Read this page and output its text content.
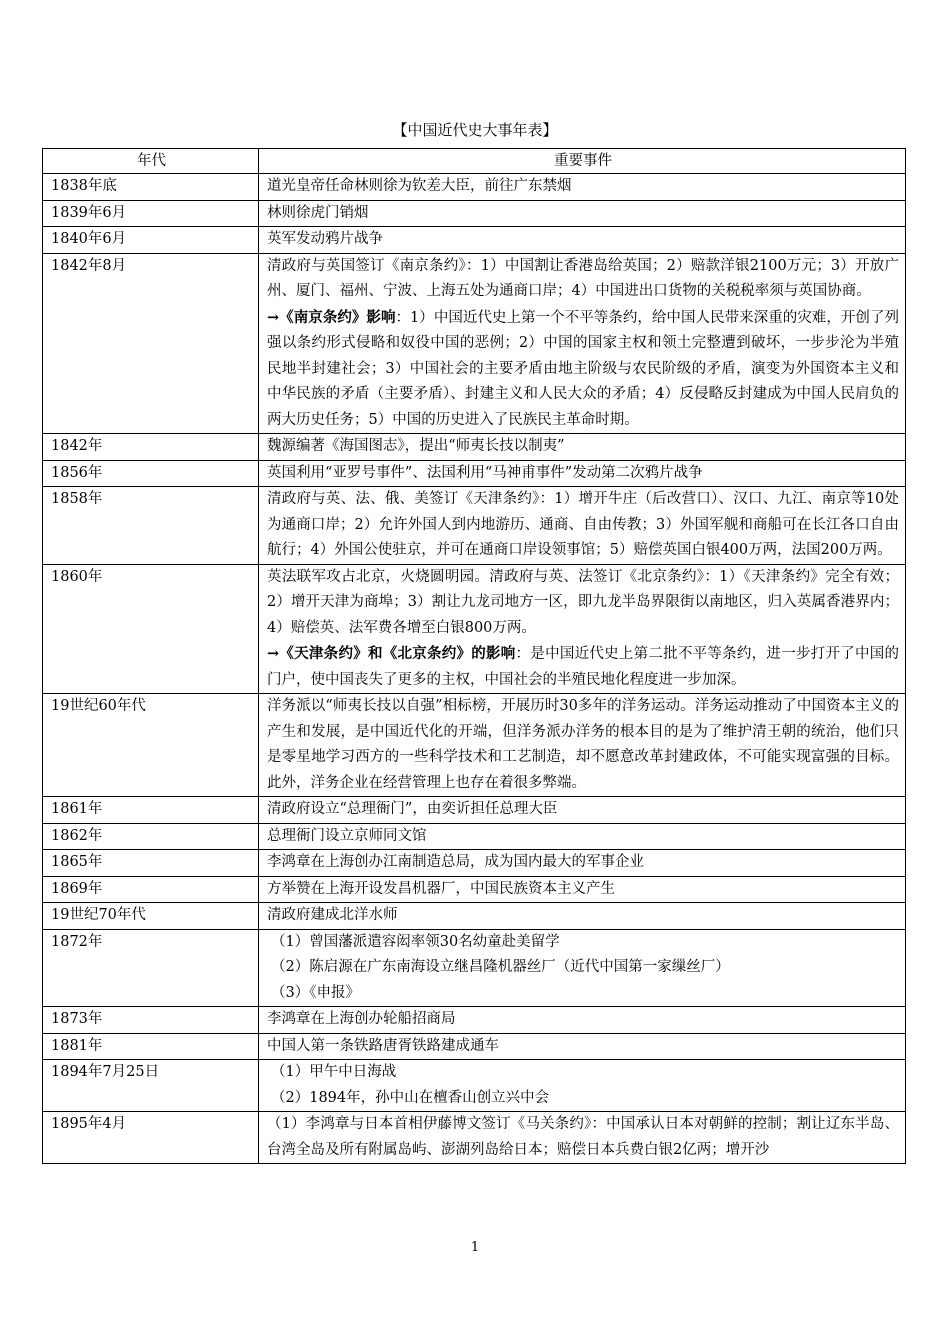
【中国近代史大事年表】
年代	重要事件
1838年底	道光皇帝任命林则徐为钦差大臣，前往广东禁烟

1839年6月	林则徐虎门销烟

1840年6月	英军发动鸦片战争

1842年8月	清政府与英国签订《南京条约》：1）中国割让香港岛给英国；2）赔款洋银2100万元；3）开放广州、厦门、福州、宁波、上海五处为通商口岸；4）中国进出口货物的关税税率须与英国协商。
→《南京条约》影响：1）中国近代史上第一个不平等条约，给中国人民带来深重的灾难，开创了列强以条约形式侵略和奴役中国的恶例；2）中国的国家主权和领土完整遭到破坏，一步步沦为半殖民地半封建社会；3）中国社会的主要矛盾由地主阶级与农民阶级的矛盾，演变为外国资本主义和中华民族的矛盾（主要矛盾）、封建主义和人民大众的矛盾；4）反侵略反封建成为中国人民肩负的两大历史任务；5）中国的历史进入了民族民主革命时期。

1842年	魏源编著《海国图志》，提出“师夷长技以制夷”

1856年	英国利用“亚罗号事件”、法国利用“马神甫事件”发动第二次鸦片战争

1858年	清政府与英、法、俄、美签订《天津条约》：1）增开牛庄（后改营口）、汉口、九江、南京等10处为通商口岸；2）允许外国人到内地游历、通商、自由传教；3）外国军舰和商船可在长江各口自由航行；4）外国公使驻京，并可在通商口岸设领事馆；5）赔偿英国白银400万两，法国200万两。

1860年	英法联军攻占北京，火烧圆明园。清政府与英、法签订《北京条约》：1）《天津条约》完全有效；2）增开天津为商埠；3）割让九龙司地方一区，即九龙半岛界限街以南地区，归入英属香港界内；4）赔偿英、法军费各增至白银800万两。
→《天津条约》和《北京条约》的影响：是中国近代史上第二批不平等条约，进一步打开了中国的门户，使中国丧失了更多的主权，中国社会的半殖民地化程度进一步加深。

19世纪60年代	洋务派以“师夷长技以自强”相标榜，开展历时30多年的洋务运动。洋务运动推动了中国资本主义的产生和发展，是中国近代化的开端，但洋务派办洋务的根本目的是为了维护清王朝的统治，他们只是零星地学习西方的一些科学技术和工艺制造，却不愿意改革封建政体，不可能实现富强的目标。此外，洋务企业在经营管理上也存在着很多弊端。

1861年	清政府设立“总理衙门”，由奕䜣担任总理大臣

1862年	总理衙门设立京师同文馆

1865年	李鸿章在上海创办江南制造总局，成为国内最大的军事企业

1869年	方举赞在上海开设发昌机器厂，中国民族资本主义产生

19世纪70年代	清政府建成北洋水师

1872年	（1）曾国藩派遣容闳率领30名幼童赴美留学
（2）陈启源在广东南海设立继昌隆机器丝厂（近代中国第一家缫丝厂）
（3）《申报》

1873年	李鸿章在上海创办轮船招商局

1881年	中国人第一条铁路唐胥铁路建成通车

1894年7月25日	（1）甲午中日海战
（2）1894年，孙中山在檀香山创立兴中会

1895年4月	（1）李鸿章与日本首相伊藤博文签订《马关条约》：中国承认日本对朝鲜的控制；割让辽东半岛、台湾全岛及所有附属岛屿、澎湖列岛给日本；赔偿日本兵费白银2亿两；增开沙
1
